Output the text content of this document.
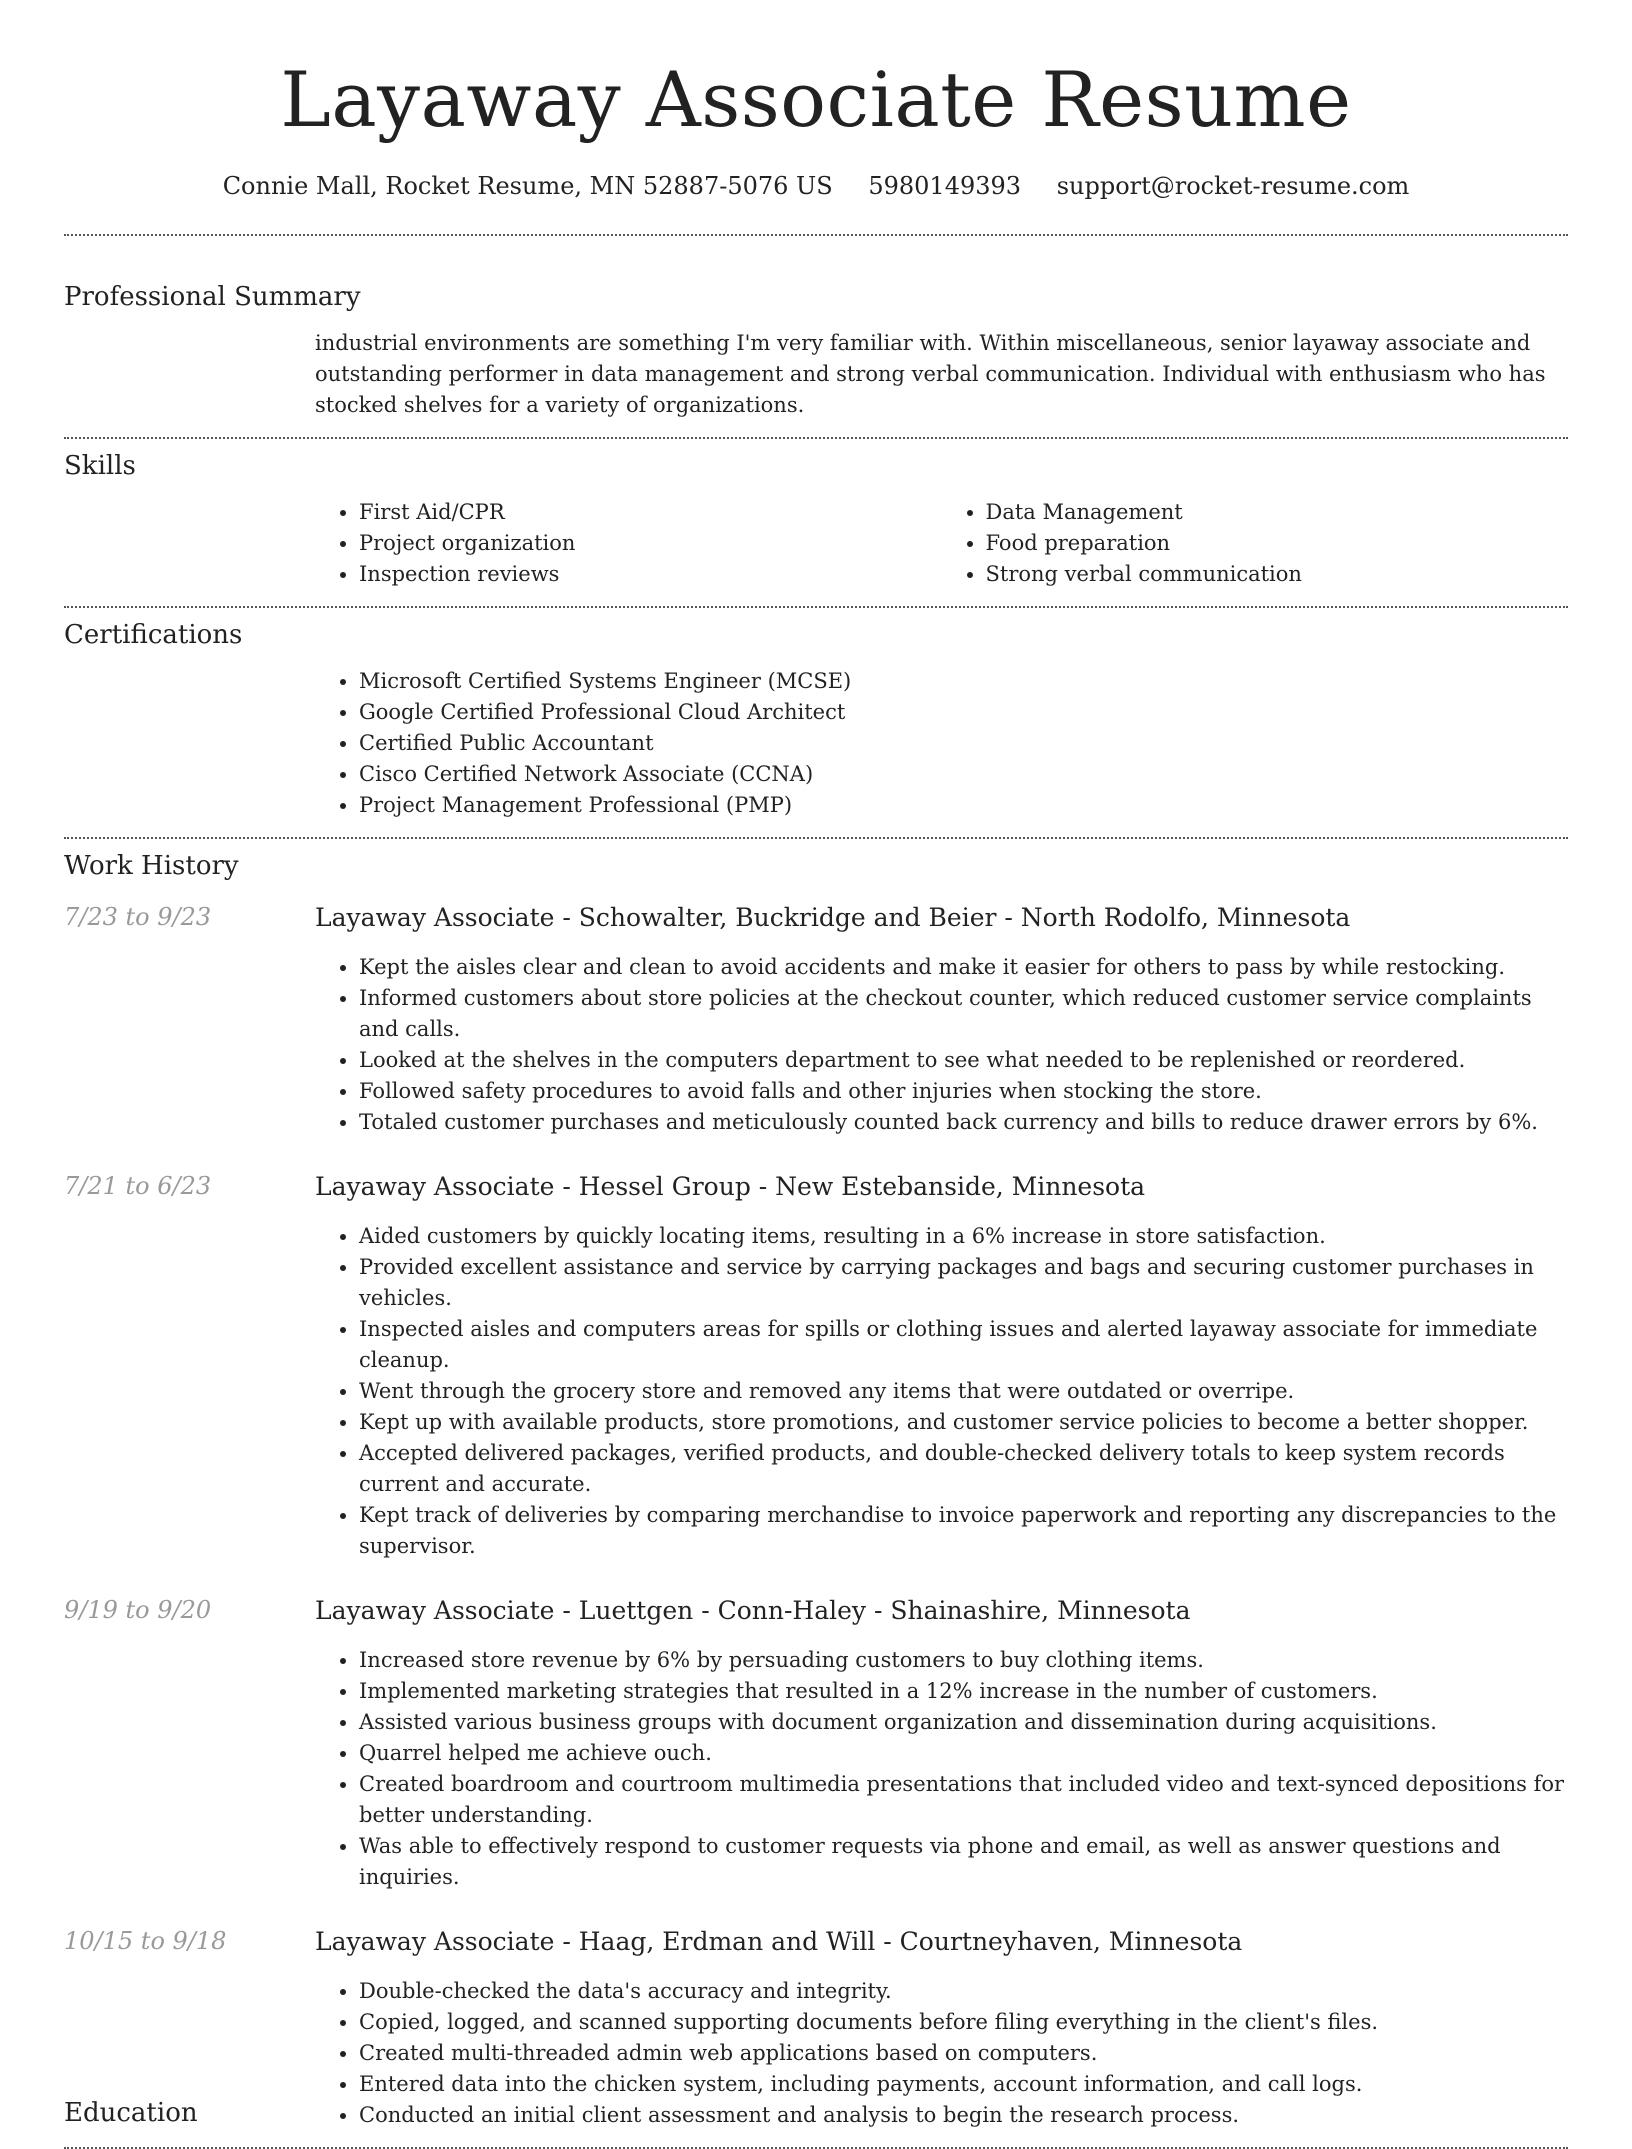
Layaway Associate Resume
Connie Mall, Rocket Resume, MN 52887-5076 US 5980149393 support@rocket-resume.com
Professional Summary

industrial environments are something I'm very familiar with. Within miscellaneous, senior layaway associate and outstanding performer in data management and strong verbal communication. Individual with enthusiasm who has stocked shelves for a variety of organizations.

Skills
• First Aid/CPR
• Project organization
• Inspection reviews
• Data Management
• Food preparation
• Strong verbal communication
Certifications
• Microsoft Certified Systems Engineer (MCSE)
• Google Certified Professional Cloud Architect
• Certified Public Accountant
• Cisco Certified Network Associate (CCNA)
• Project Management Professional (PMP)
Work History
7/23 to 9/23	Layaway Associate - Schowalter, Buckridge and Beier - North Rodolfo, Minnesota
• Kept the aisles clear and clean to avoid accidents and make it easier for others to pass by while restocking.
• Informed customers about store policies at the checkout counter, which reduced customer service complaints and calls.
• Looked at the shelves in the computers department to see what needed to be replenished or reordered.
• Followed safety procedures to avoid falls and other injuries when stocking the store.
• Totaled customer purchases and meticulously counted back currency and bills to reduce drawer errors by 6%.
7/21 to 6/23	Layaway Associate - Hessel Group - New Estebanside, Minnesota
• Aided customers by quickly locating items, resulting in a 6% increase in store satisfaction.
• Provided excellent assistance and service by carrying packages and bags and securing customer purchases in vehicles.
• Inspected aisles and computers areas for spills or clothing issues and alerted layaway associate for immediate cleanup.
• Went through the grocery store and removed any items that were outdated or overripe.
• Kept up with available products, store promotions, and customer service policies to become a better shopper.
• Accepted delivered packages, verified products, and double-checked delivery totals to keep system records current and accurate.
• Kept track of deliveries by comparing merchandise to invoice paperwork and reporting any discrepancies to the supervisor.
9/19 to 9/20	Layaway Associate - Luettgen - Conn-Haley - Shainashire, Minnesota
• Increased store revenue by 6% by persuading customers to buy clothing items.
• Implemented marketing strategies that resulted in a 12% increase in the number of customers.
• Assisted various business groups with document organization and dissemination during acquisitions.
• Quarrel helped me achieve ouch.
• Created boardroom and courtroom multimedia presentations that included video and text-synced depositions for better understanding.
• Was able to effectively respond to customer requests via phone and email, as well as answer questions and inquiries.
10/15 to 9/18	Layaway Associate - Haag, Erdman and Will - Courtneyhaven, Minnesota
• Double-checked the data's accuracy and integrity.
• Copied, logged, and scanned supporting documents before filing everything in the client's files.
• Created multi-threaded admin web applications based on computers.
• Entered data into the chicken system, including payments, account information, and call logs.
• Conducted an initial client assessment and analysis to begin the research process.
Education
